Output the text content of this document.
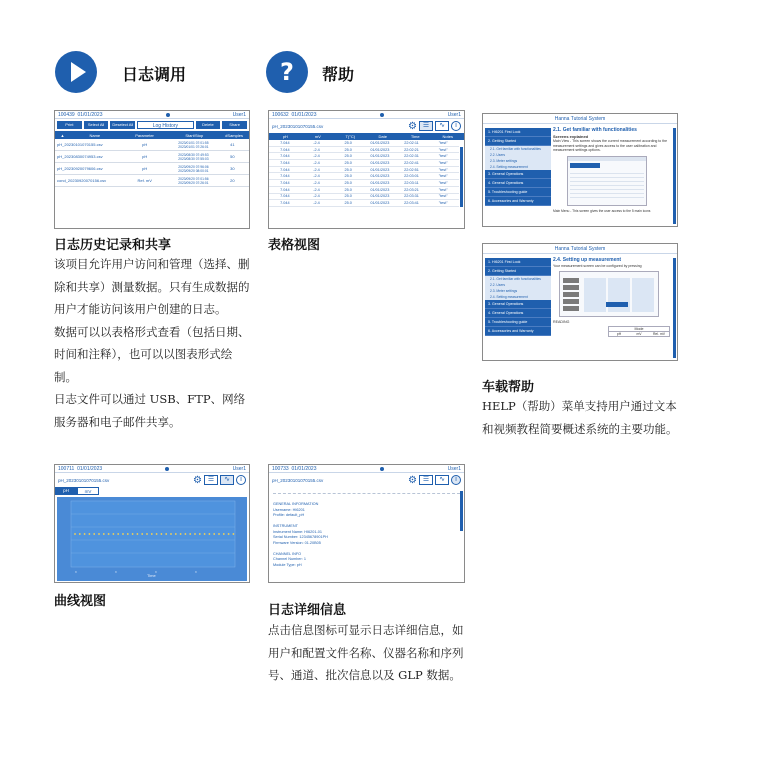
日志调用	? 帮助
100439 01/01/2023	User1
Print	Select All	Deselect All	Log History	Delete	Share
▲	Name	Parameter	Start/Stop	#Samples
pH_20230101070155.csv	pH	2023/01/01 07:01:55
2023/01/01 07:26:01	41
pH_20230830074953.csv	pH	2023/08/30 07:49:53
2023/08/30 07:55:03	50
pH_20230920079606.csv	pH	2023/09/20 07:96:06
2023/09/20 08:00:01	30
cond_20230920070156.csv	Ref. mV	2023/09/20 07:01:56
2023/09/20 07:26:01	20
日志历史记录和共享

该项目允许用户访问和管理（选择、删除和共享）测量数据。只有生成数据的用户才能访问该用户创建的日志。

数据可以以表格形式查看（包括日期、时间和注释），也可以以图表形式绘制。

日志文件可以通过 USB、FTP、网络服务器和电子邮件共享。

100632 01/01/2023	User1
pH_20230101070155.csv	⚙ ☰	∿	i
pH	mV	T(°C)	Date	Time	Notes
7.044	-2.4	25.0	01/01/2023	22:02:11	"test"
7.044	-2.4	25.0	01/01/2023	22:02:21	"test"
7.044	-2.4	25.0	01/01/2023	22:02:31	"test"
7.044	-2.4	25.0	01/01/2023	22:02:41	"test"
7.044	-2.4	25.0	01/01/2023	22:02:51	"test"
7.044	-2.4	25.0	01/01/2023	22:03:01	"test"
7.044	-2.4	25.0	01/01/2023	22:03:11	"test"
7.044	-2.4	25.0	01/01/2023	22:03:21	"test"
7.044	-2.4	25.0	01/01/2023	22:03:31	"test"
7.044	-2.4	25.0	01/01/2023	22:03:41	"test"
表格视图
Hanna Tutorial System
1. HI6201 First Look
2. Getting Started
2.1. Get familiar with functionalities
2.2. Users
2.3. Meter settings
2.4. Setting measurement
3. General Operations
4. General Operations
5. Troubleshooting guide
6. Accessories and Warranty
2.1. Get familiar with functionalities
Screens explained
Main View - This screen shows the current measurement according to the measurement settings and gives access to the user calibration and measurement settings options.
Main Menu - This screen gives the user access to the 5 main icons
Hanna Tutorial System
1. HI6201 First Look
2. Getting Started
2.1. Get familiar with functionalities
2.2. Users
2.3. Meter settings
2.4. Setting measurement
3. General Operations
4. General Operations
5. Troubleshooting guide
6. Accessories and Warranty
2.4. Setting up measurement
Your measurement screen can be configured by pressing
READING
Mode
pH	mV	Rel. mV
车载帮助

HELP（帮助）菜单支持用户通过文本和视频教程简要概述系统的主要功能。

100711 01/01/2023	User1
pH_20230101070155.csv	⚙ ☰	∿	i
pH	mV
x	x	x	x
Time
曲线视图
100733 01/01/2023	User1
pH_20230101070155.csv	⚙ ☰	∿	i
GENERAL INFORMATION
Username: HI6201
Profile: default_pH
INSTRUMENT
Instrument Name: HI6201-01
Serial Number: 12345678901PH
Firmware Version: 01.20B05
CHANNEL INFO
Channel Number: 1
Module Type: pH
日志详细信息

点击信息图标可显示日志详细信息，如用户和配置文件名称、仪器名称和序列号、通道、批次信息以及 GLP 数据。
